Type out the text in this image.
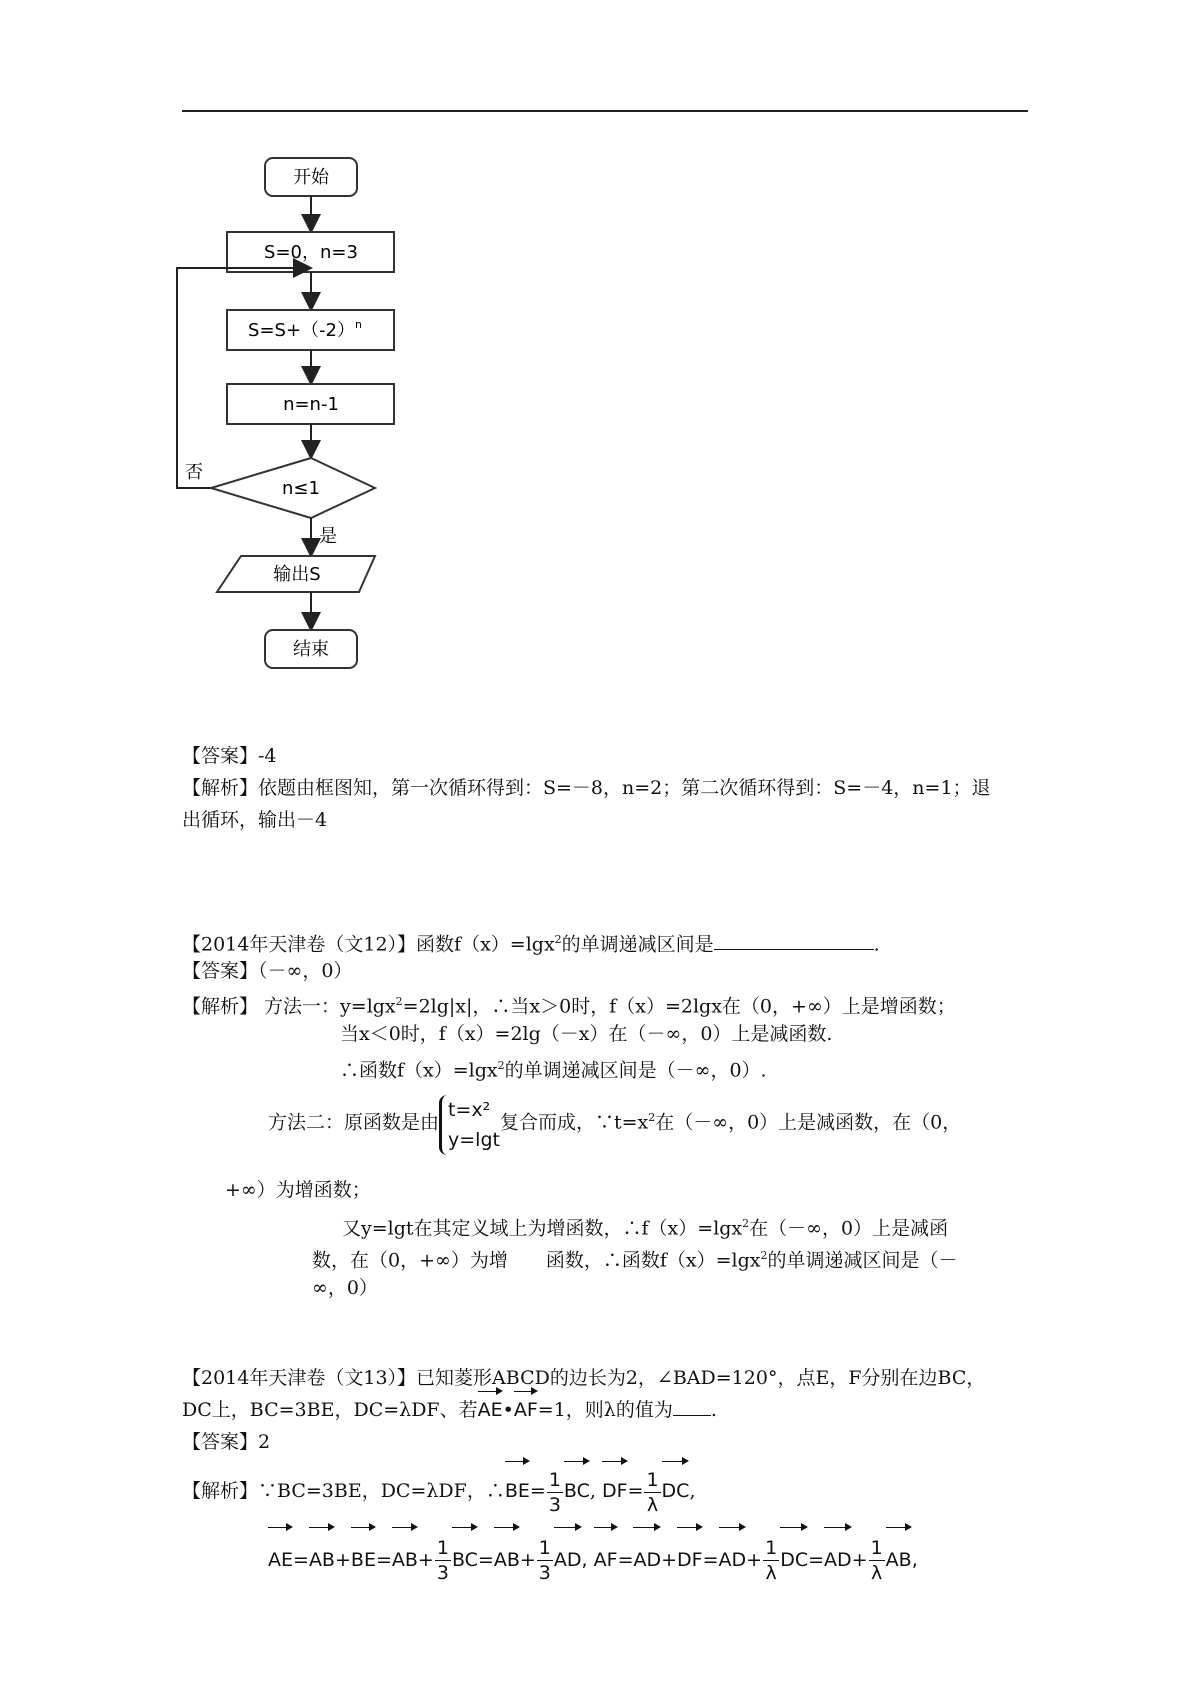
开始
S=0，n=3
$S=S+(-2)^n$
n=n-1
n≤1
否
是
输出S
结束
【答案】-4
【解析】依题由框图知，第一次循环得到：S=－8，n=2；第二次循环得到：S=－4，n=1；退
出循环，输出－4
【2014年天津卷（文12）】函数f（x）=lgx$^2$的单调递减区间是	.
【答案】（－∞，0）
【解析】 方法一：y=lgx$^2$=2lg|x|，∴当x＞0时，f（x）=2lgx在（0，+∞）上是增函数；
当x＜0时，f（x）=2lg（－x）在（－∞，0）上是减函数.
∴函数f（x）=lgx$^2$的单调递减区间是（－∞，0）.
方法二：原函数是由
t=x²
y=lgt
复合而成，$\because t=x^2$在（－∞，0）上是减函数，在（0，
+∞）为增函数；
又y=lgt在其定义域上为增函数，∴f（x）=lgx$^2$在（－∞，0）上是减函
数，在（0，+∞）为增　　函数，∴函数f（x）=lgx$^2$的单调递减区间是（－
∞，0）
【2014年天津卷（文13）】已知菱形ABCD的边长为2，∠BAD=120°，点E，F分别在边BC，
DC上，BC=3BE，DC=λDF、若AE•AF=1，则λ的值为 .
【答案】2
【解析】∵BC=3BE，DC=λDF，∴BE= $\frac{1}{3}$ BC, $DF= \frac{1}{\lambda}$ DC,
$AE=AB+BE=AB+ \frac{1}{3} BC=AB+ \frac{1}{3}$ AD, $AF=AD+DF=AD+ \frac{1}{\lambda} DC=AD+ \frac{1}{\lambda}$ AB,
